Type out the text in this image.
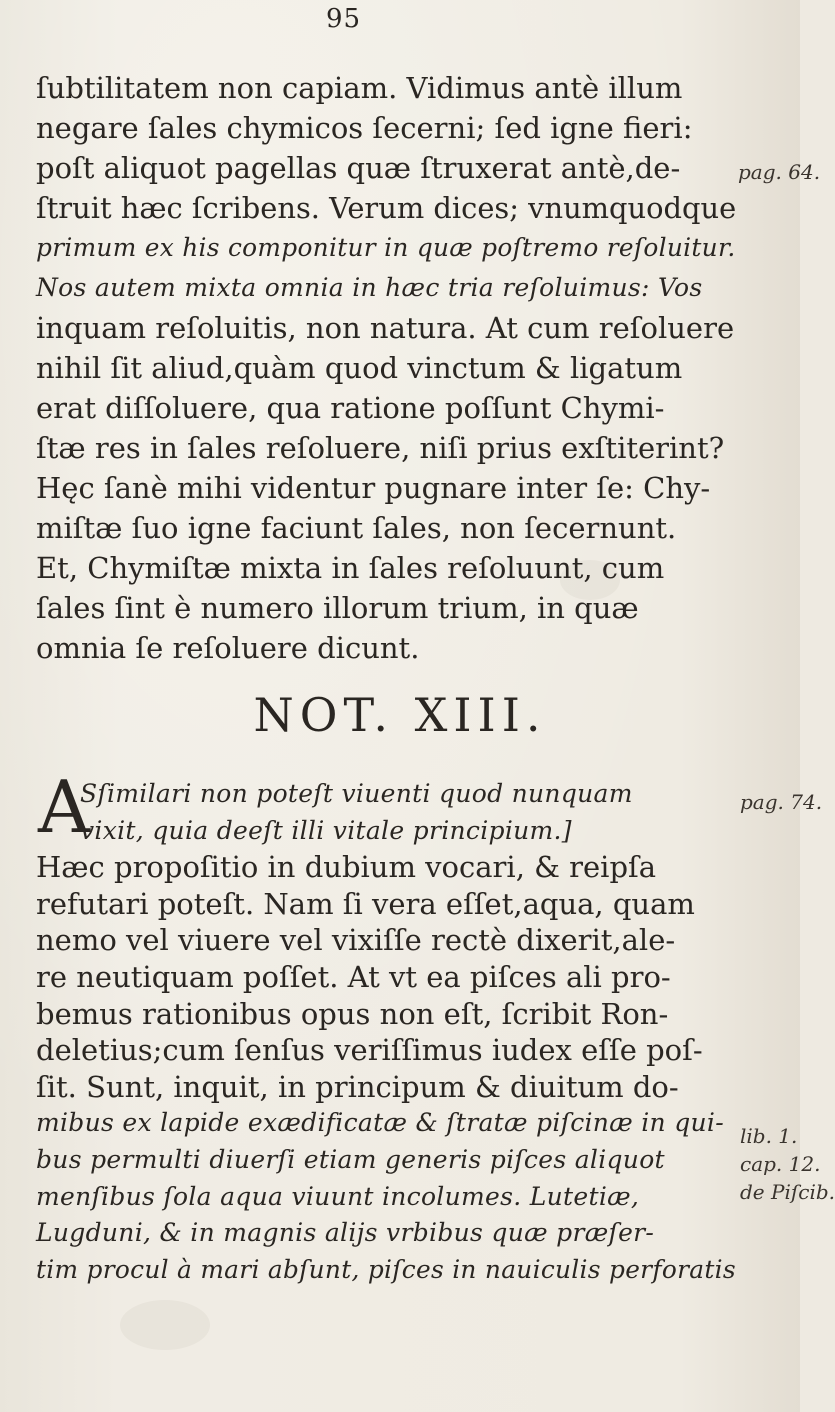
95
ſubtilitatem non capiam. Vidimus antè illum
negare ſales chymicos ſecerni; ſed igne fieri:
poſt aliquot pagellas quæ ſtruxerat antè,de-
ſtruit hæc ſcribens. Verum dices; vnumquodque
primum ex his componitur in quæ poſtremo reſoluitur.
Nos autem mixta omnia in hæc tria reſoluimus: Vos
inquam reſoluitis, non natura. At cum reſoluere
nihil ſit aliud,quàm quod vinctum & ligatum
erat diſſoluere, qua ratione poſſunt Chymi-
ſtæ res in ſales reſoluere, niſi prius exſtiterint?
Hęc ſanè mihi videntur pugnare inter ſe: Chy-
miſtæ ſuo igne faciunt ſales, non ſecernunt.
Et, Chymiſtæ mixta in ſales reſoluunt, cum
ſales ſint è numero illorum trium, in quæ
omnia ſe reſoluere dicunt.
pag. 64.
NOT. XIII.
A
Sſimilari non poteſt viuenti quod nunquam
vixit, quia deeſt illi vitale principium.]
Hæc propoſitio in dubium vocari, & reipſa
refutari poteſt. Nam ſi vera eſſet,aqua, quam
nemo vel viuere vel vixiſſe rectè dixerit,ale-
re neutiquam poſſet. At vt ea piſces ali pro-
bemus rationibus opus non eſt, ſcribit Ron-
deletius;cum ſenſus veriſſimus iudex eſſe poſ-
ſit. Sunt, inquit, in principum & diuitum do-
mibus ex lapide exædificatæ & ſtratæ piſcinæ in qui-
bus permulti diuerſi etiam generis piſces aliquot
menſibus ſola aqua viuunt incolumes. Lutetiæ,
Lugduni, & in magnis alijs vrbibus quæ præſer-
tim procul à mari abſunt, piſces in nauiculis perforatis
pag. 74.
lib. 1.
cap. 12.
de Piſcib.
